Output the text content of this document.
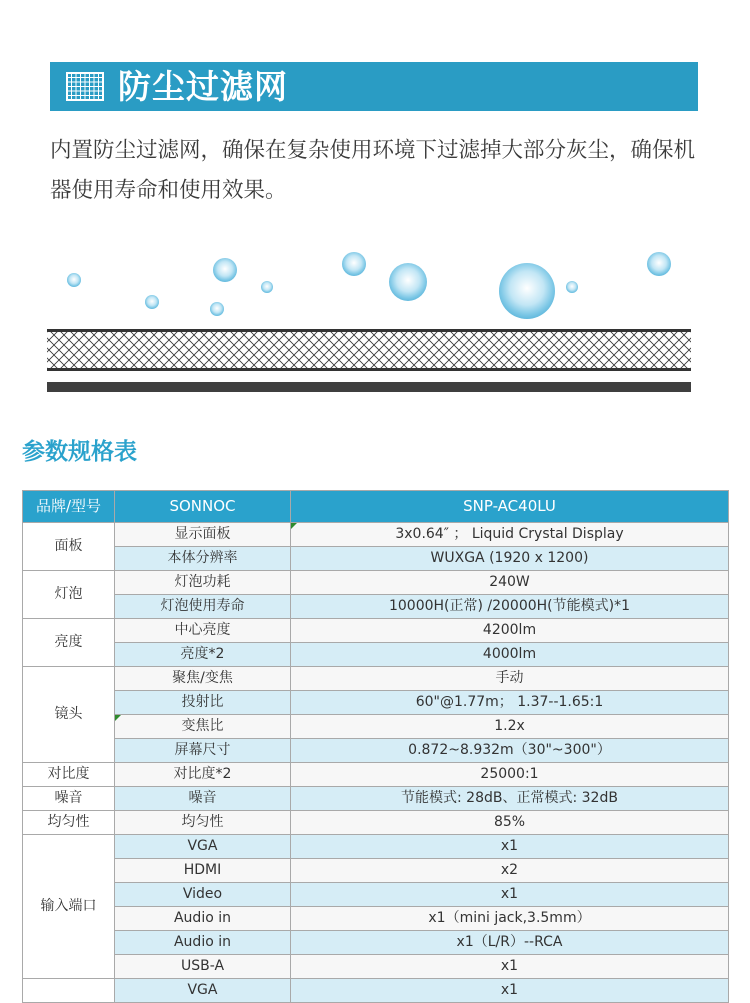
防尘过滤网

内置防尘过滤网，确保在复杂使用环境下过滤掉大部分灰尘，确保机器使用寿命和使用效果。

参数规格表
品牌/型号	SONNOC	SNP-AC40LU
面板	显示面板	3x0.64″ ； Liquid Crystal Display
	本体分辨率	WUXGA (1920 x 1200)
灯泡	灯泡功耗	240W
	灯泡使用寿命	10000H(正常) /20000H(节能模式)*1
亮度	中心亮度	4200lm
	亮度*2	4000lm
镜头	聚焦/变焦	手动
	投射比	60"@1.77m； 1.37--1.65:1
	变焦比	1.2x
	屏幕尺寸	0.872~8.932m（30"~300"）
对比度	对比度*2	25000:1
噪音	噪音	节能模式: 28dB、正常模式: 32dB
均匀性	均匀性	85%
输入端口	VGA	x1
	HDMI	x2
	Video	x1
	Audio in	x1（mini jack,3.5mm）
	Audio in	x1（L/R）--RCA
	USB-A	x1
	VGA	x1
